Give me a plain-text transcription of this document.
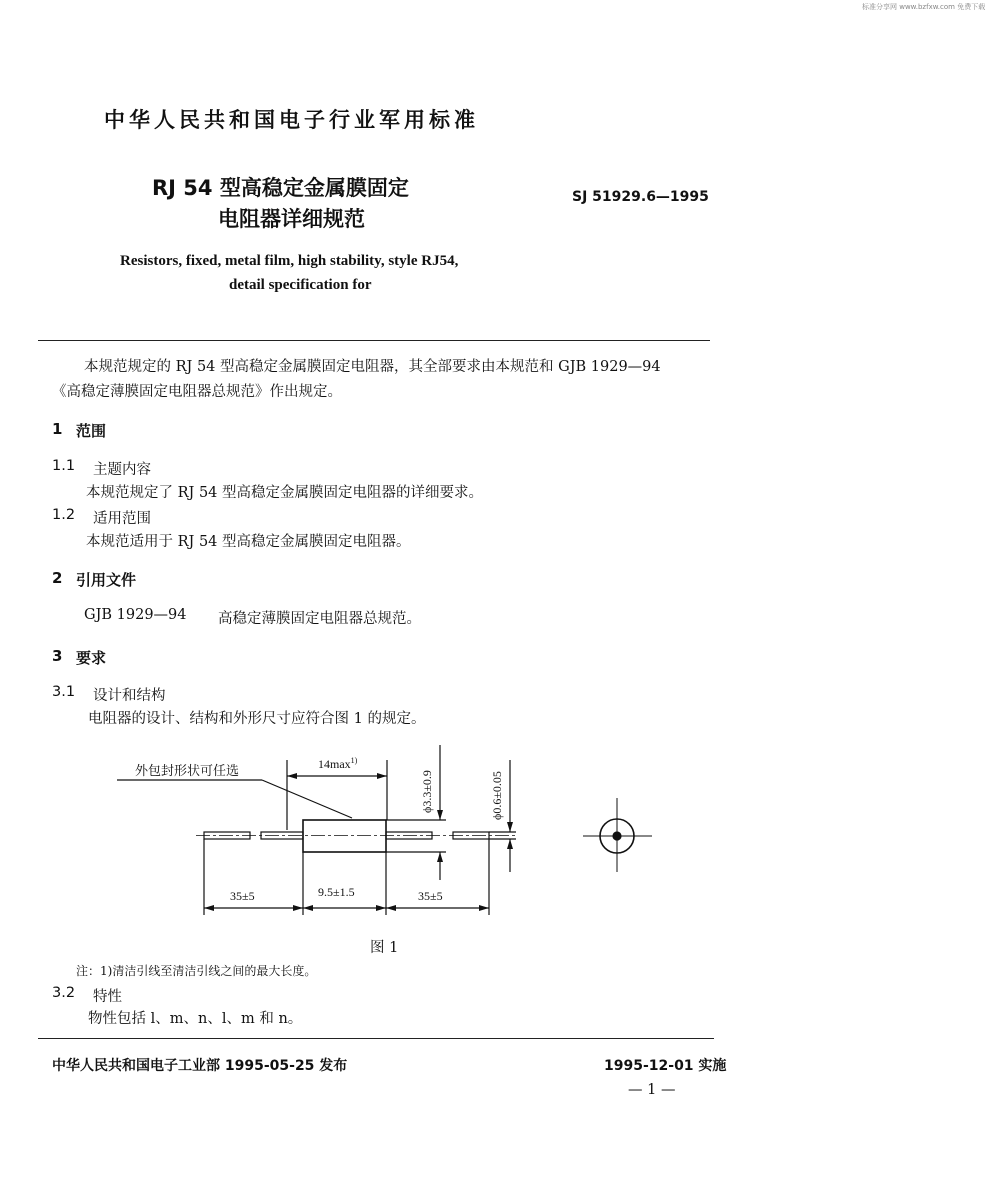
标准分享网 www.bzfxw.com 免费下载
中华人民共和国电子行业军用标准
RJ 54 型高稳定金属膜固定
电阻器详细规范
SJ 51929.6—1995
Resistors, fixed, metal film, high stability, style RJ54,
detail specification for
本规范规定的 RJ 54 型高稳定金属膜固定电阻器，其全部要求由本规范和 GJB 1929—94
《高稳定薄膜固定电阻器总规范》作出规定。
1 范围
1.1 主题内容
本规范规定了 RJ 54 型高稳定金属膜固定电阻器的详细要求。
1.2 适用范围
本规范适用于 RJ 54 型高稳定金属膜固定电阻器。
2 引用文件
GJB 1929—94 高稳定薄膜固定电阻器总规范。
3 要求
3.1 设计和结构
电阻器的设计、结构和外形尺寸应符合图 1 的规定。
$14\max^{1)}$
ϕ3.3±0.9	ϕ0.6±0.05
35±5	9.5±1.5	35±5
外包封形状可任选
图 1
注：1)清洁引线至清洁引线之间的最大长度。
3.2 特性
物性包括 l、m、n、l、m 和 n。
中华人民共和国电子工业部 1995-05-25 发布	1995-12-01 实施
— 1 —
